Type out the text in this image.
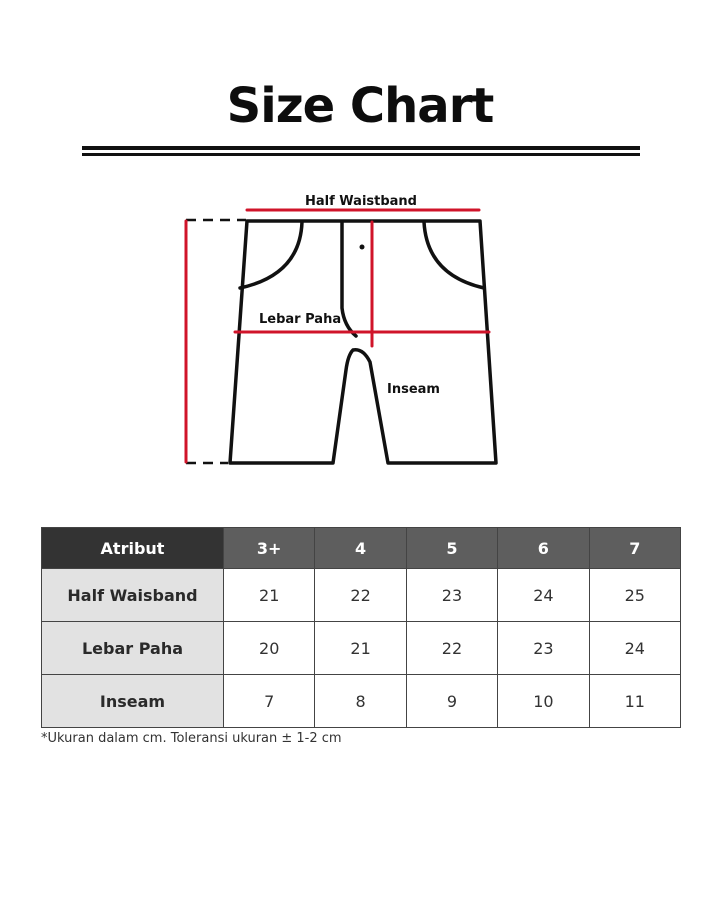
Size Chart
Half Waistband
Lebar Paha
Inseam
Atribut	3+	4	5	6	7
Half Waisband	21	22	23	24	25
Lebar Paha	20	21	22	23	24
Inseam	7	8	9	10	11
*Ukuran dalam cm. Toleransi ukuran ± 1-2 cm
